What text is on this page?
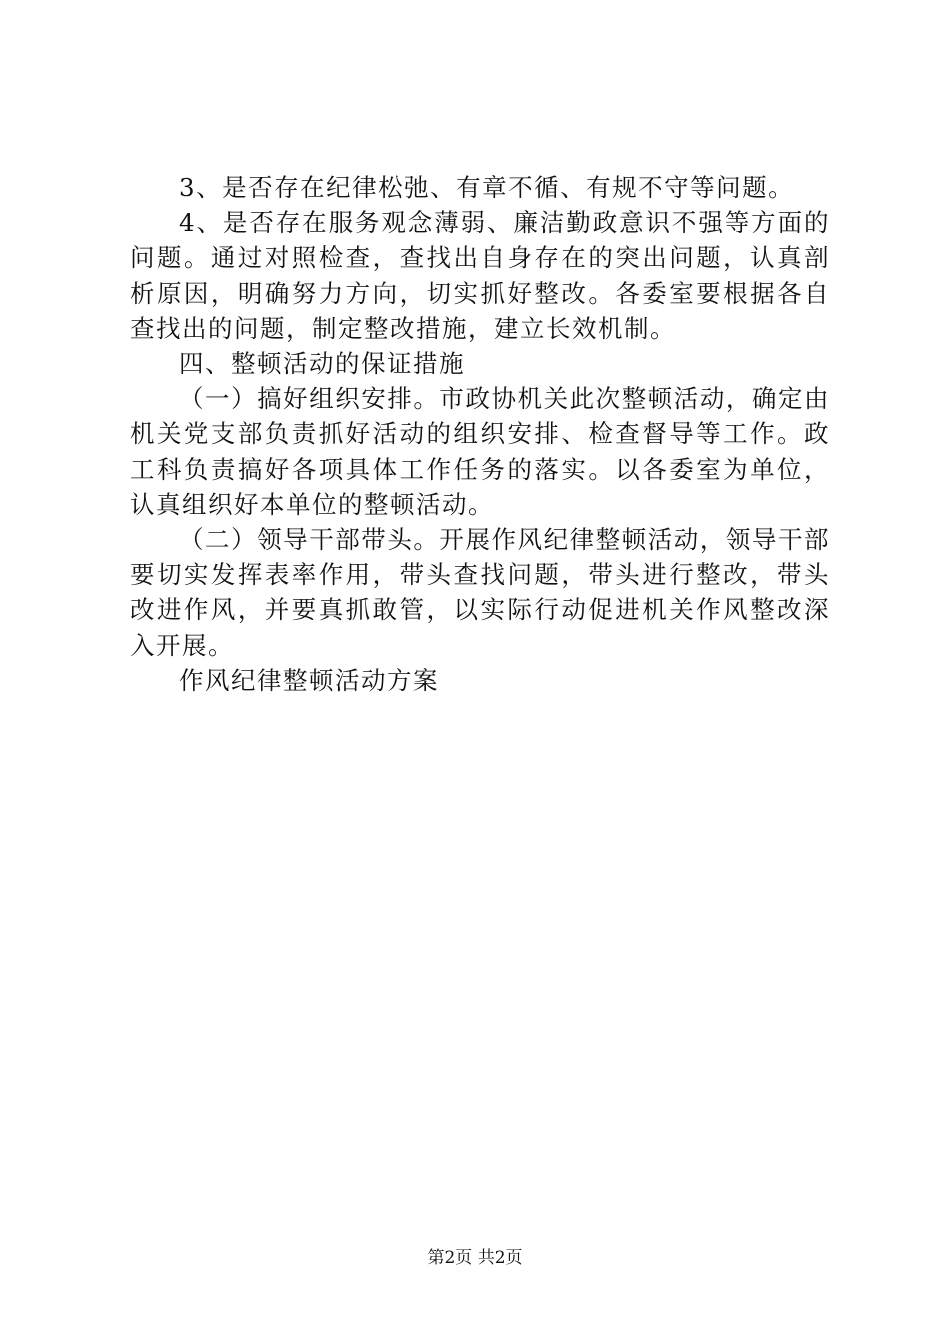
3、是否存在纪律松弛、有章不循、有规不守等问题。

4、是否存在服务观念薄弱、廉洁勤政意识不强等方面的问题。通过对照检查，查找出自身存在的突出问题，认真剖析原因，明确努力方向，切实抓好整改。各委室要根据各自查找出的问题，制定整改措施，建立长效机制。

四、整顿活动的保证措施

（一）搞好组织安排。市政协机关此次整顿活动，确定由机关党支部负责抓好活动的组织安排、检查督导等工作。政工科负责搞好各项具体工作任务的落实。以各委室为单位，认真组织好本单位的整顿活动。

（二）领导干部带头。开展作风纪律整顿活动，领导干部要切实发挥表率作用，带头查找问题，带头进行整改，带头改进作风，并要真抓敢管，以实际行动促进机关作风整改深入开展。

作风纪律整顿活动方案

第2页 共2页
